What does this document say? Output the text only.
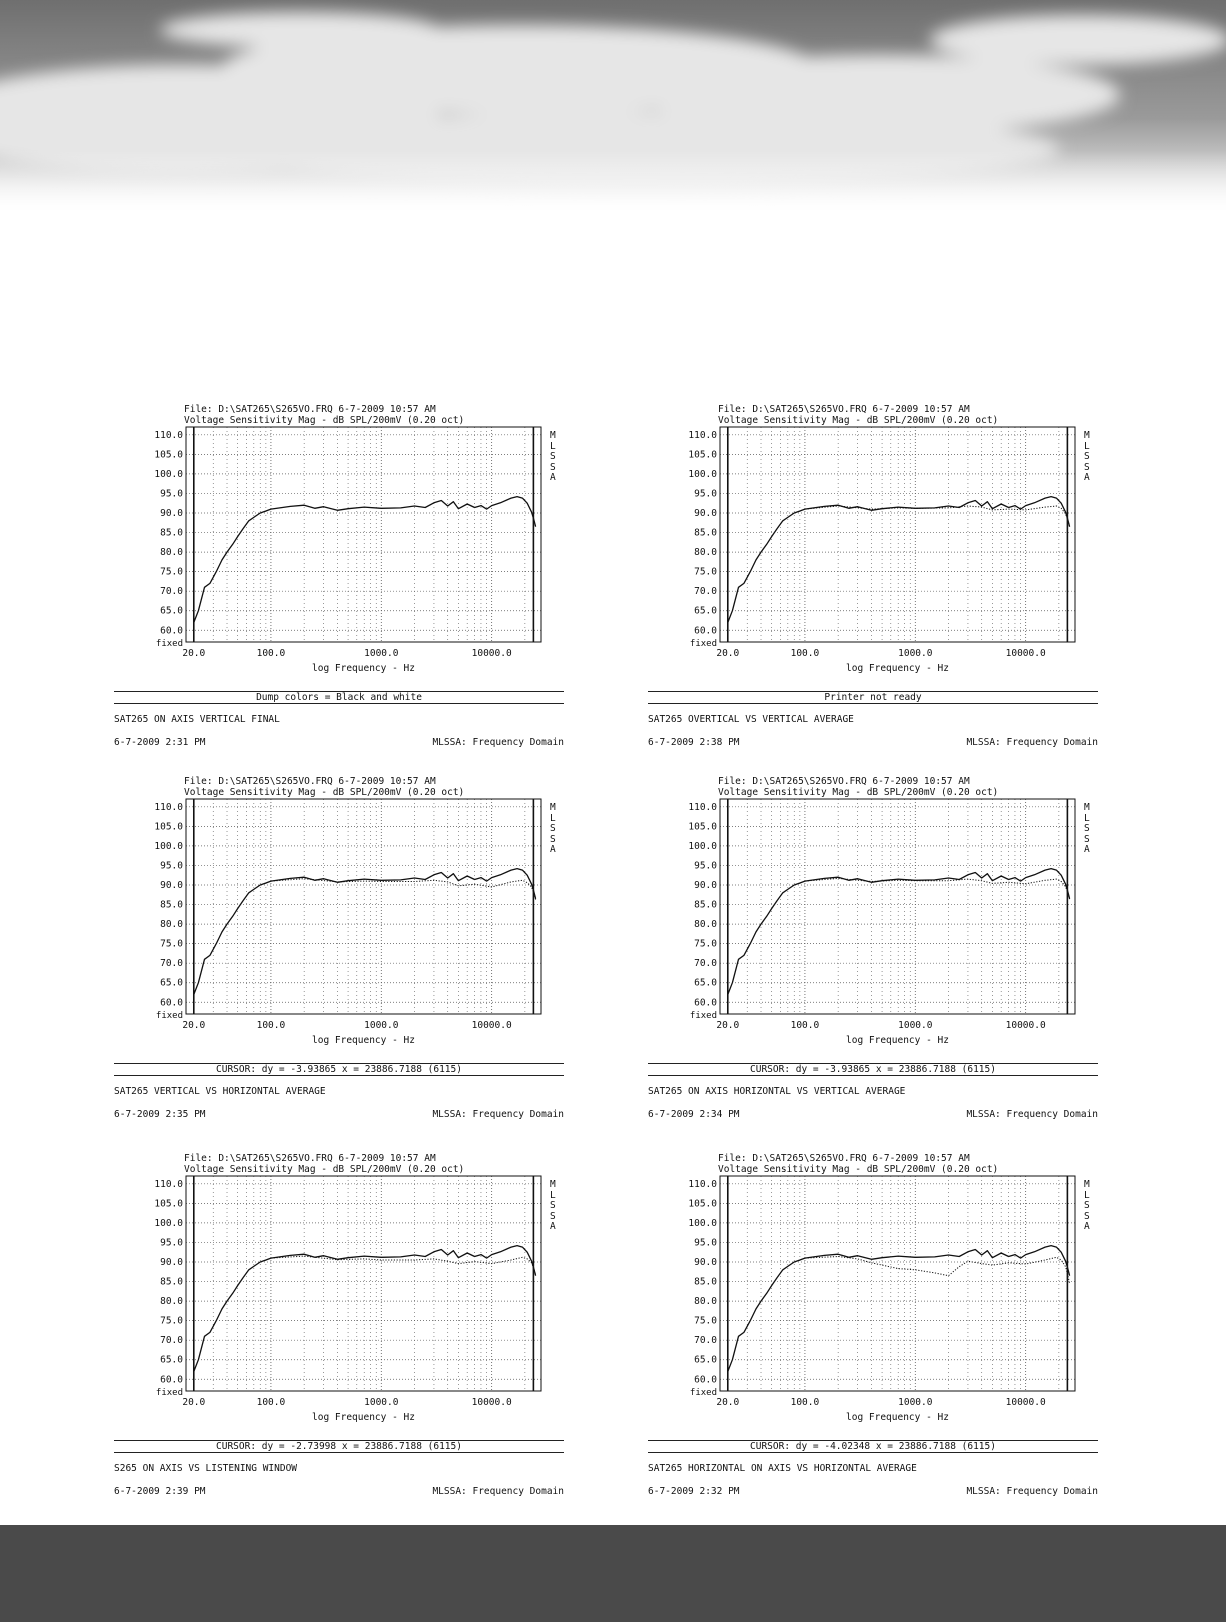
110.0
105.0
100.0
95.0
90.0
85.0
80.0
75.0
70.0
65.0
60.0
fixed
20.0	100.0	1000.0	10000.0
log Frequency - Hz
File: D:\SAT265\S265VO.FRQ 6-7-2009 10:57 AM
Voltage Sensitivity Mag - dB SPL/200mV (0.20 oct)
M
L
S
S
A
Dump colors = Black and white
SAT265 ON AXIS VERTICAL FINAL
6-7-2009 2:31 PM	MLSSA: Frequency Domain
110.0
105.0
100.0
95.0
90.0
85.0
80.0
75.0
70.0
65.0
60.0
fixed
20.0	100.0	1000.0	10000.0
log Frequency - Hz
File: D:\SAT265\S265VO.FRQ 6-7-2009 10:57 AM
Voltage Sensitivity Mag - dB SPL/200mV (0.20 oct)
M
L
S
S
A
Printer not ready
SAT265 OVERTICAL VS VERTICAL AVERAGE
6-7-2009 2:38 PM	MLSSA: Frequency Domain
110.0
105.0
100.0
95.0
90.0
85.0
80.0
75.0
70.0
65.0
60.0
fixed
20.0	100.0	1000.0	10000.0
log Frequency - Hz
File: D:\SAT265\S265VO.FRQ 6-7-2009 10:57 AM
Voltage Sensitivity Mag - dB SPL/200mV (0.20 oct)
M
L
S
S
A
CURSOR: dy = -3.93865 x = 23886.7188 (6115)
SAT265 VERTICAL VS HORIZONTAL AVERAGE
6-7-2009 2:35 PM	MLSSA: Frequency Domain
110.0
105.0
100.0
95.0
90.0
85.0
80.0
75.0
70.0
65.0
60.0
fixed
20.0	100.0	1000.0	10000.0
log Frequency - Hz
File: D:\SAT265\S265VO.FRQ 6-7-2009 10:57 AM
Voltage Sensitivity Mag - dB SPL/200mV (0.20 oct)
M
L
S
S
A
CURSOR: dy = -3.93865 x = 23886.7188 (6115)
SAT265 ON AXIS HORIZONTAL VS VERTICAL AVERAGE
6-7-2009 2:34 PM	MLSSA: Frequency Domain
110.0
105.0
100.0
95.0
90.0
85.0
80.0
75.0
70.0
65.0
60.0
fixed
20.0	100.0	1000.0	10000.0
log Frequency - Hz
File: D:\SAT265\S265VO.FRQ 6-7-2009 10:57 AM
Voltage Sensitivity Mag - dB SPL/200mV (0.20 oct)
M
L
S
S
A
CURSOR: dy = -2.73998 x = 23886.7188 (6115)
S265 ON AXIS VS LISTENING WINDOW
6-7-2009 2:39 PM	MLSSA: Frequency Domain
110.0
105.0
100.0
95.0
90.0
85.0
80.0
75.0
70.0
65.0
60.0
fixed
20.0	100.0	1000.0	10000.0
log Frequency - Hz
File: D:\SAT265\S265VO.FRQ 6-7-2009 10:57 AM
Voltage Sensitivity Mag - dB SPL/200mV (0.20 oct)
M
L
S
S
A
CURSOR: dy = -4.02348 x = 23886.7188 (6115)
SAT265 HORIZONTAL ON AXIS VS HORIZONTAL AVERAGE
6-7-2009 2:32 PM	MLSSA: Frequency Domain
